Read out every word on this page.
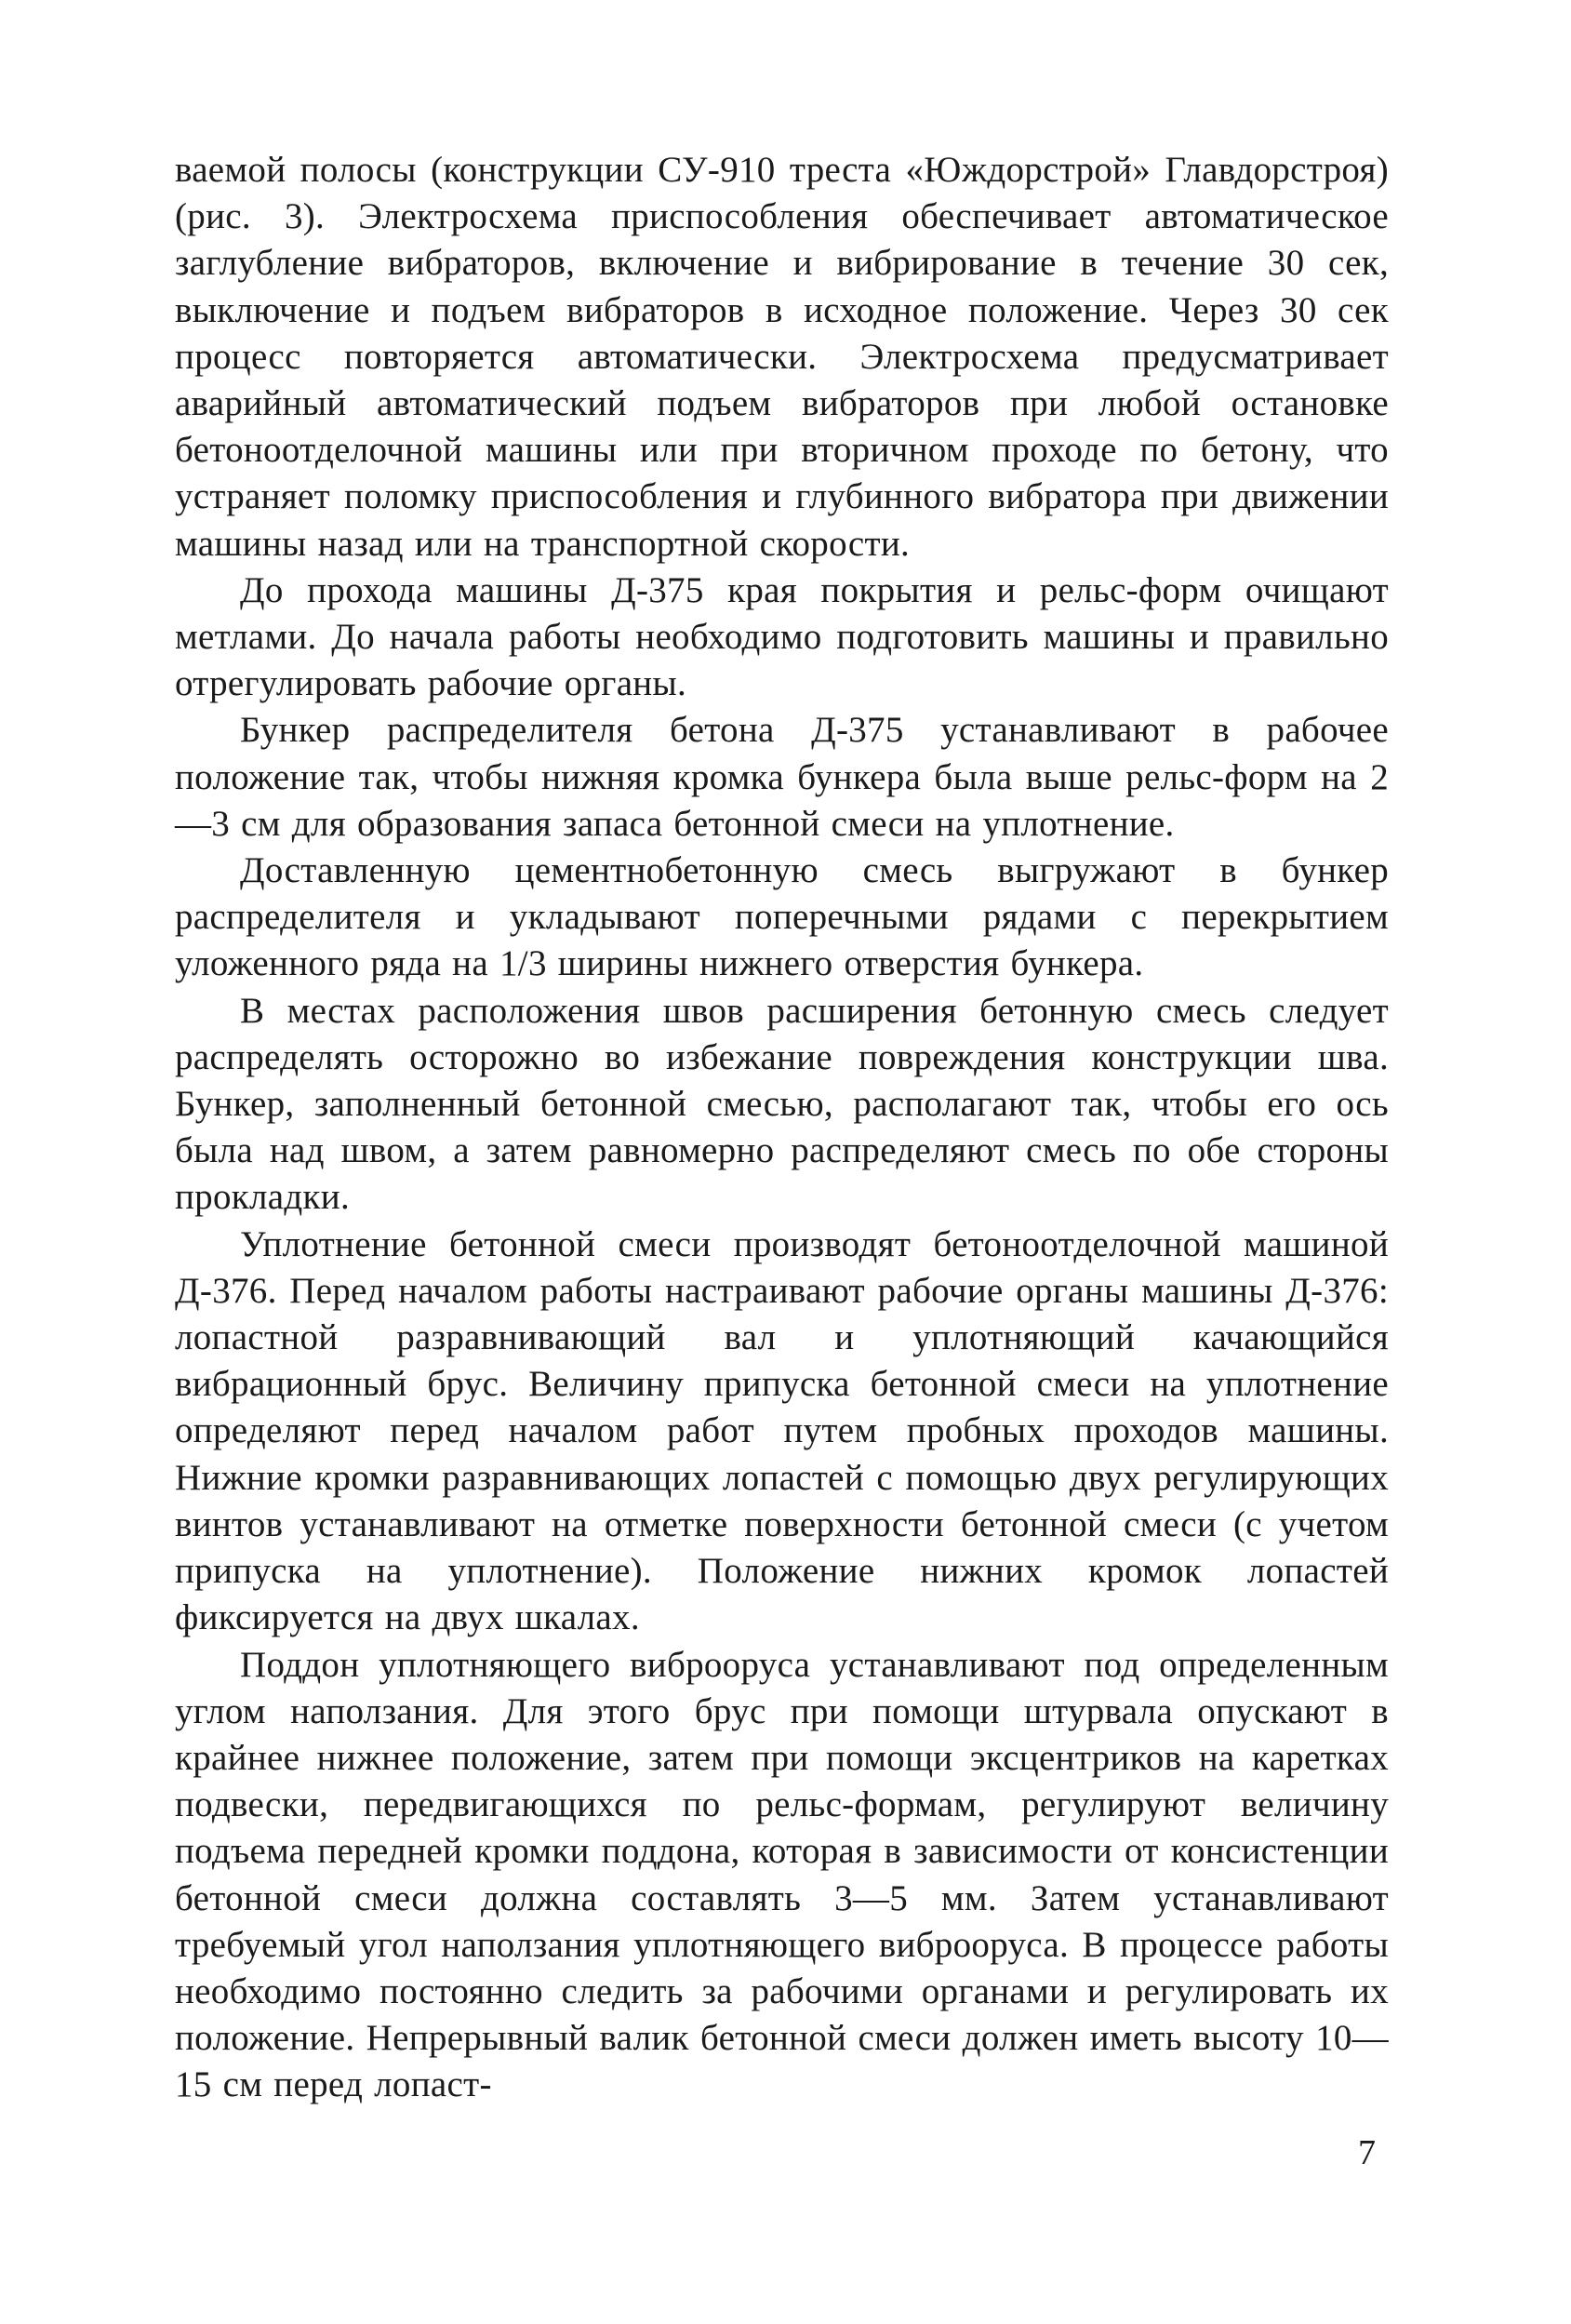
ваемой полосы (конструкции СУ-910 треста «Юждорстрой» Главдорстроя) (рис. 3). Электросхема приспособления обеспечивает автоматическое заглубление вибраторов, включение и вибрирование в течение 30 сек, выключение и подъем вибраторов в исходное положение. Через 30 сек процесс повторяется автоматически. Электросхема предусматривает аварийный автоматический подъем вибраторов при любой остановке бетоноотделочной машины или при вторичном проходе по бетону, что устраняет поломку приспособления и глубинного вибратора при движении машины назад или на транспортной скорости.

До прохода машины Д-375 края покрытия и рельс-форм очищают метлами. До начала работы необходимо подготовить машины и правильно отрегулировать рабочие органы.

Бункер распределителя бетона Д-375 устанавливают в рабочее положение так, чтобы нижняя кромка бункера была выше рельс-форм на 2—3 см для образования запаса бетонной смеси на уплотнение.

Доставленную цементнобетонную смесь выгружают в бункер распределителя и укладывают поперечными рядами с перекрытием уложенного ряда на 1/3 ширины нижнего отверстия бункера.

В местах расположения швов расширения бетонную смесь следует распределять осторожно во избежание повреждения конструкции шва. Бункер, заполненный бетонной смесью, располагают так, чтобы его ось была над швом, а затем равномерно распределяют смесь по обе стороны прокладки.

Уплотнение бетонной смеси производят бетоноотделочной машиной Д-376. Перед началом работы настраивают рабочие органы машины Д-376: лопастной разравнивающий вал и уплотняющий качающийся вибрационный брус. Величину припуска бетонной смеси на уплотнение определяют перед началом работ путем пробных проходов машины. Нижние кромки разравнивающих лопастей с помощью двух регулирующих винтов устанавливают на отметке поверхности бетонной смеси (с учетом припуска на уплотнение). Положение нижних кромок лопастей фиксируется на двух шкалах.

Поддон уплотняющего виброоруса устанавливают под определенным углом наползания. Для этого брус при помощи штурвала опускают в крайнее нижнее положение, затем при помощи эксцентриков на каретках подвески, передвигающихся по рельс-формам, регулируют величину подъема передней кромки поддона, которая в зависимости от консистенции бетонной смеси должна составлять 3—5 мм. Затем устанавливают требуемый угол наползания уплотняющего виброоруса. В процессе работы необходимо постоянно следить за рабочими органами и регулировать их положение. Непрерывный валик бетонной смеси должен иметь высоту 10—15 см перед лопаст-

7
